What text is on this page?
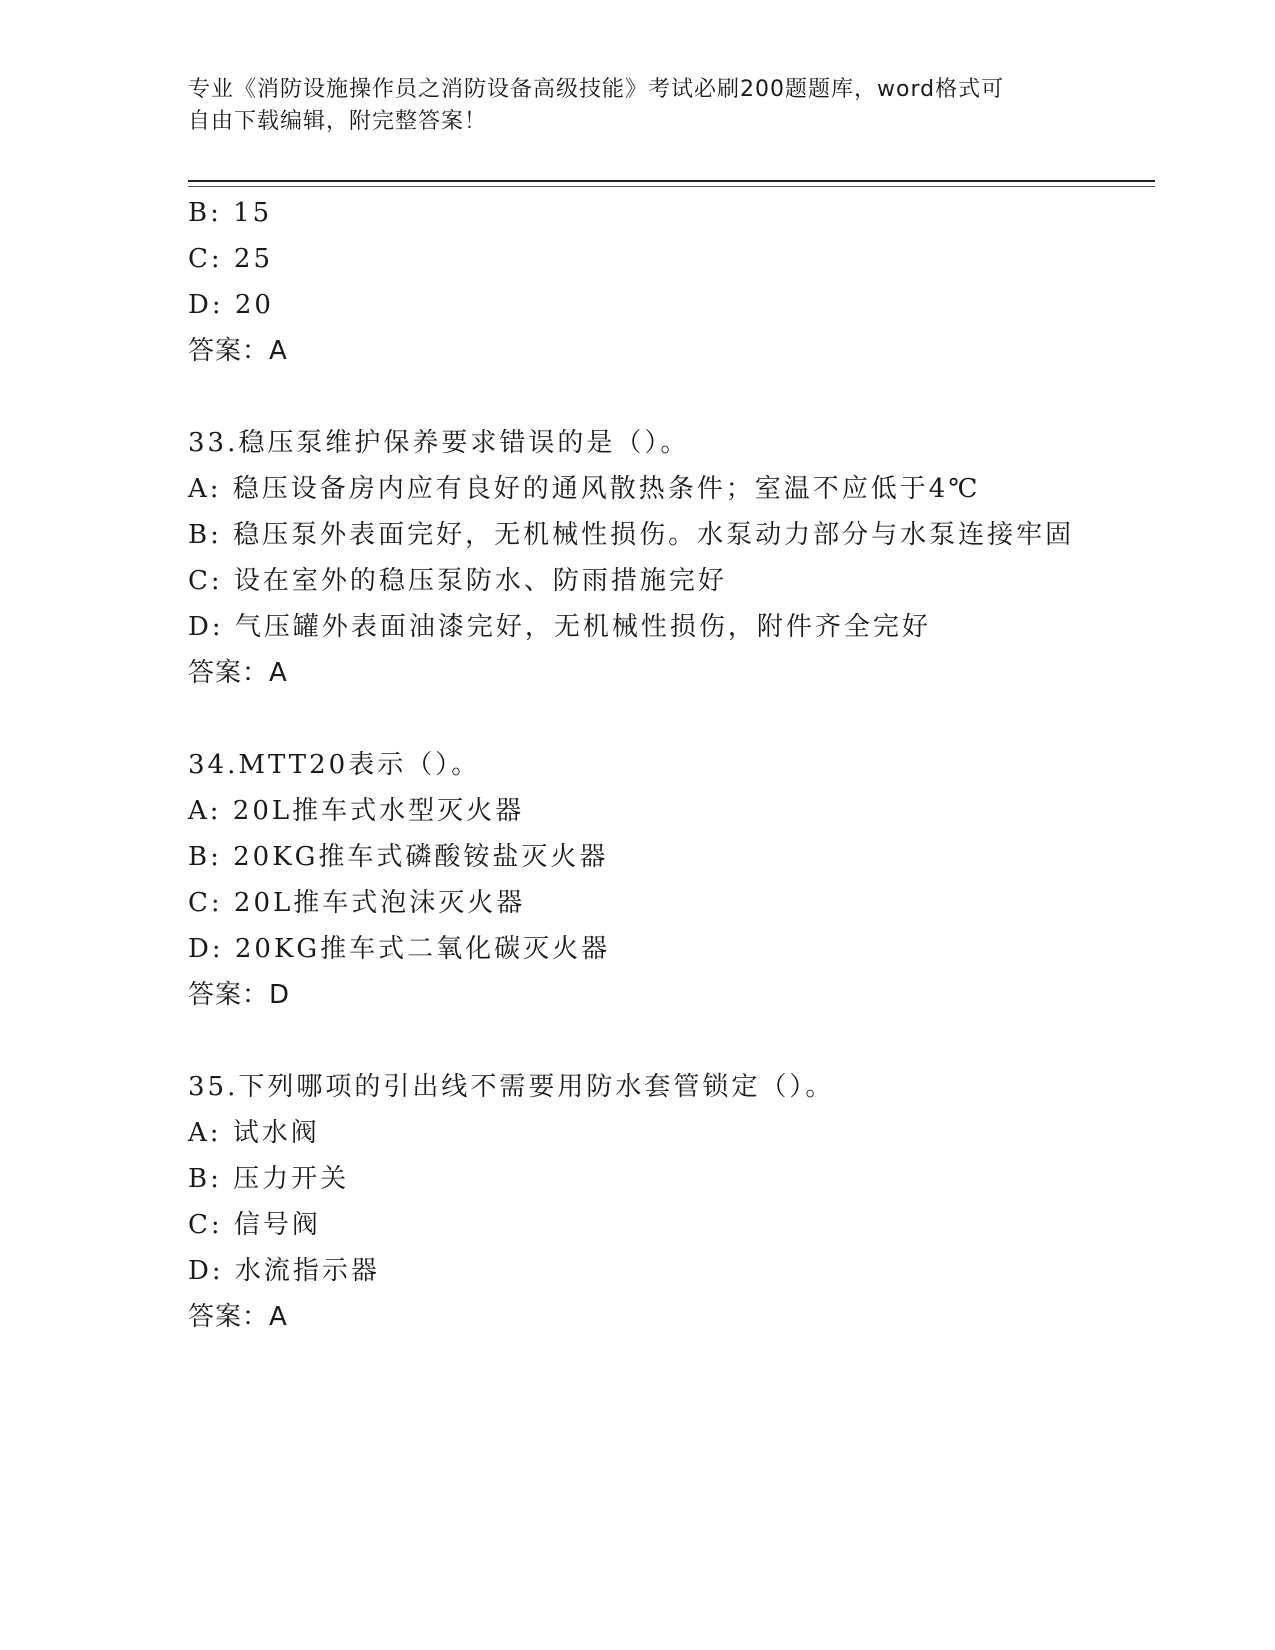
专业《消防设施操作员之消防设备高级技能》考试必刷200题题库，word格式可
自由下载编辑，附完整答案！
B: 15
C: 25
D: 20
答案：A
33.稳压泵维护保养要求错误的是（）。
A: 稳压设备房内应有良好的通风散热条件；室温不应低于4℃
B: 稳压泵外表面完好，无机械性损伤。水泵动力部分与水泵连接牢固
C: 设在室外的稳压泵防水、防雨措施完好
D: 气压罐外表面油漆完好，无机械性损伤，附件齐全完好
答案：A
34.MTT20表示（）。
A: 20L推车式水型灭火器
B: 20KG推车式磷酸铵盐灭火器
C: 20L推车式泡沫灭火器
D: 20KG推车式二氧化碳灭火器
答案：D
35.下列哪项的引出线不需要用防水套管锁定（）。
A: 试水阀
B: 压力开关
C: 信号阀
D: 水流指示器
答案：A
